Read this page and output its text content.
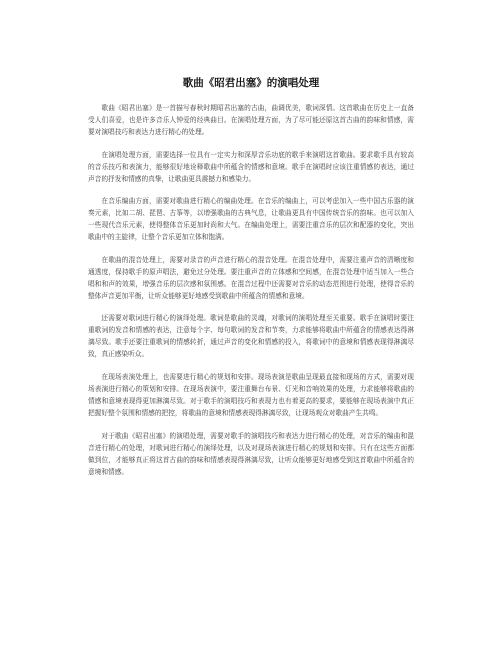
歌曲《昭君出塞》的演唱处理

歌曲《昭君出塞》是一首描写春秋时期昭君出塞的古曲，曲调优美，歌词深情。这首歌曲在历史上一直备受人们喜爱，也是许多音乐人钟爱的经典曲目。在演唱处理方面，为了尽可能还原这首古曲的韵味和情感，需要对演唱技巧和表达力进行精心的处理。

在演唱处理方面，需要选择一位具有一定实力和深厚音乐功底的歌手来演唱这首歌曲。要求歌手具有较高的音乐技巧和表演力，能够很好地诠释歌曲中所蕴含的情感和意境。歌手在演唱时应该注重情感的表达，通过声音的抒发和情感的真挚，让歌曲更具震撼力和感染力。

在音乐编曲方面，需要对歌曲进行精心的编曲处理。在音乐的编曲上，可以考虑加入一些中国古乐器的演奏元素，比如二胡、琵琶、古筝等，以增强歌曲的古典气息，让歌曲更具有中国传统音乐的韵味。也可以加入一些现代音乐元素，使得整体音乐更加时尚和大气。在编曲处理上，需要注重音乐的层次和配器的变化，突出歌曲中的主旋律，让整个音乐更加立体和饱满。

在歌曲的混音处理上，需要对录音的声音进行精心的混音处理。在混音处理中，需要注重声音的清晰度和通透度，保持歌手的原声唱法，避免过分处理。要注重声音的立体感和空间感，在混音处理中适当加入一些合唱和和声的效果，增强音乐的层次感和氛围感。在混音过程中还需要对音乐的动态范围进行处理，使得音乐的整体声音更加平衡，让听众能够更好地感受到歌曲中所蕴含的情感和意境。

还需要对歌词进行精心的演绎处理。歌词是歌曲的灵魂，对歌词的演唱处理至关重要。歌手在演唱时要注重歌词的发音和情感的表达，注意每个字、每句歌词的发音和节奏，力求能够将歌曲中所蕴含的情感表达得淋漓尽致。歌手还要注重歌词的情感转折，通过声音的变化和情感的投入，将歌词中的意境和情感表现得淋漓尽致，真正感染听众。

在现场表演处理上，也需要进行精心的规划和安排。现场表演是歌曲呈现最直接和现场的方式，需要对现场表演进行精心的策划和安排。在现场表演中，要注重舞台布景、灯光和音响效果的处理，力求能够将歌曲的情感和意境表现得更加淋漓尽致。对于歌手的演唱技巧和表现力也有着更高的要求，要能够在现场表演中真正把握好整个氛围和情感的把控，将歌曲的意境和情感表现得淋漓尽致，让现场观众对歌曲产生共鸣。

对于歌曲《昭君出塞》的演唱处理，需要对歌手的演唱技巧和表达力进行精心的处理，对音乐的编曲和混音进行精心的处理，对歌词进行精心的演绎处理，以及对现场表演进行精心的规划和安排。只有在这些方面都做到位，才能够真正将这首古曲的韵味和情感表现得淋漓尽致，让听众能够更好地感受到这首歌曲中所蕴含的意境和情感。
